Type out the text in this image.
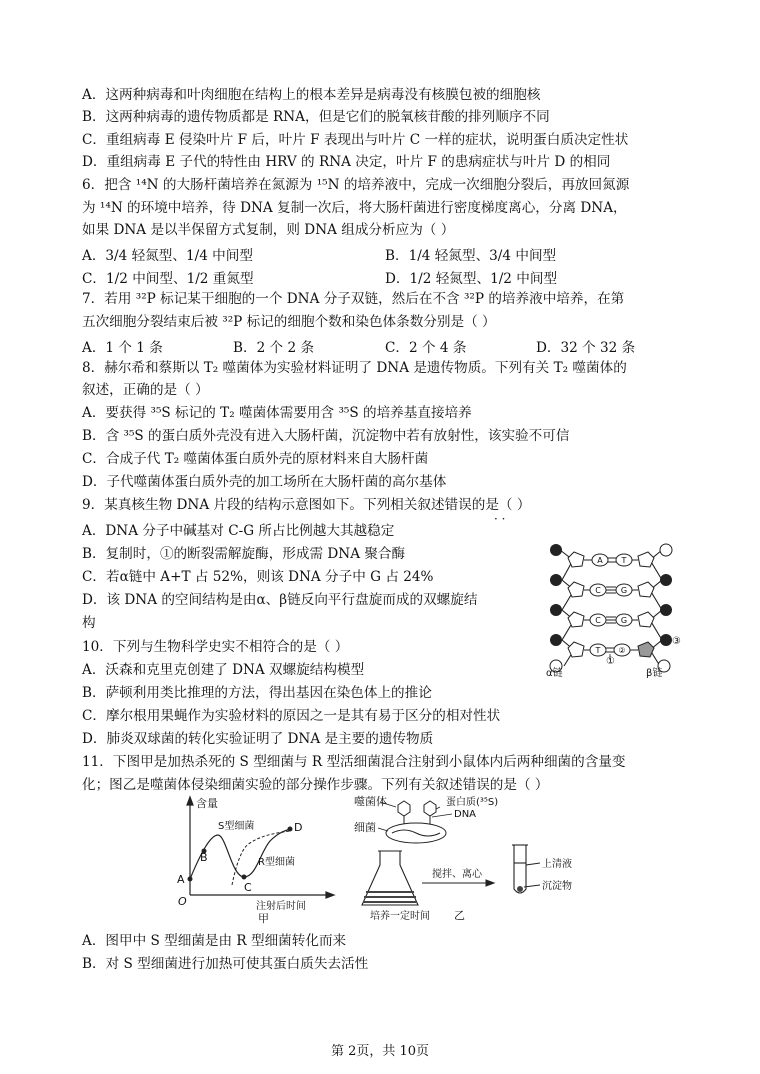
A．这两种病毒和叶肉细胞在结构上的根本差异是病毒没有核膜包被的细胞核
B．这两种病毒的遗传物质都是 RNA，但是它们的脱氧核苷酸的排列顺序不同
C．重组病毒 E 侵染叶片 F 后，叶片 F 表现出与叶片 C 一样的症状，说明蛋白质决定性状
D．重组病毒 E 子代的特性由 HRV 的 RNA 决定，叶片 F 的患病症状与叶片 D 的相同
6．把含 ¹⁴N 的大肠杆菌培养在氮源为 ¹⁵N 的培养液中，完成一次细胞分裂后，再放回氮源
为 ¹⁴N 的环境中培养，待 DNA 复制一次后，将大肠杆菌进行密度梯度离心，分离 DNA，
如果 DNA 是以半保留方式复制，则 DNA 组成分析应为（ ）
A．3/4 轻氮型、1/4 中间型	B．1/4 轻氮型、3/4 中间型
C．1/2 中间型、1/2 重氮型	D．1/2 轻氮型、1/2 中间型
7．若用 ³²P 标记某干细胞的一个 DNA 分子双链，然后在不含 ³²P 的培养液中培养，在第
五次细胞分裂结束后被 ³²P 标记的细胞个数和染色体条数分别是（ ）
A．1 个 1 条	B．2 个 2 条	C．2 个 4 条	D．32 个 32 条
8．赫尔希和蔡斯以 T₂ 噬菌体为实验材料证明了 DNA 是遗传物质。下列有关 T₂ 噬菌体的
叙述，正确的是（ ）
A．要获得 ³⁵S 标记的 T₂ 噬菌体需要用含 ³⁵S 的培养基直接培养
B．含 ³⁵S 的蛋白质外壳没有进入大肠杆菌，沉淀物中若有放射性，该实验不可信
C．合成子代 T₂ 噬菌体蛋白质外壳的原材料来自大肠杆菌
D．子代噬菌体蛋白质外壳的加工场所在大肠杆菌的高尔基体
9．某真核生物 DNA 片段的结构示意图如下。下列相关叙述错误的是（ ）
· ·
A．DNA 分子中碱基对 C-G 所占比例越大其越稳定
B．复制时，①的断裂需解旋酶，形成需 DNA 聚合酶
C．若α链中 A+T 占 52%，则该 DNA 分子中 G 占 24%
D．该 DNA 的空间结构是由α、β链反向平行盘旋而成的双螺旋结
构
A T
C	G
C	G
T ②
③
①
α链	β链
10．下列与生物科学史实不相符合的是（ ）
A．沃森和克里克创建了 DNA 双螺旋结构模型
B．萨顿利用类比推理的方法，得出基因在染色体上的推论
C．摩尔根用果蝇作为实验材料的原因之一是其有易于区分的相对性状
D．肺炎双球菌的转化实验证明了 DNA 是主要的遗传物质
11．下图甲是加热杀死的 S 型细菌与 R 型活细菌混合注射到小鼠体内后两种细菌的含量变
化；图乙是噬菌体侵染细菌实验的部分操作步骤。下列有关叙述错误的是（ ）
含量
S型细菌
R型细菌
A
B
C
D
O	注射后时间
甲
噬菌体
细菌
蛋白质(³⁵S)
DNA
培养一定时间
搅拌、离心
上清液
沉淀物
乙
A．图甲中 S 型细菌是由 R 型细菌转化而来
B．对 S 型细菌进行加热可使其蛋白质失去活性
第 2页，共 10页
